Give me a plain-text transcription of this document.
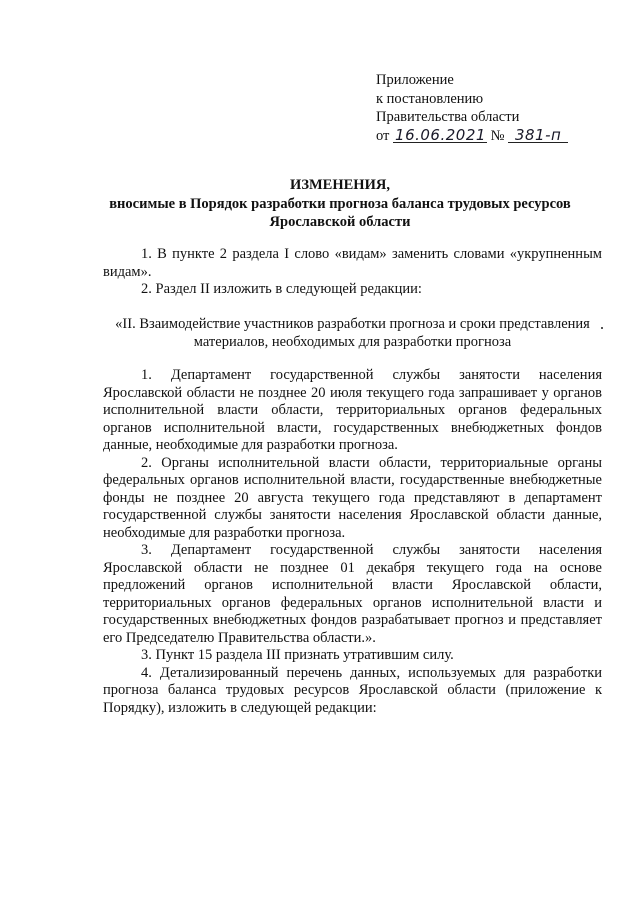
Приложение
к постановлению
Правительства области
от 16.06.2021 № 381-п
ИЗМЕНЕНИЯ,
вносимые в Порядок разработки прогноза баланса трудовых ресурсов
Ярославской области

1. В пункте 2 раздела I слово «видам» заменить словами «укрупненным видам».

2. Раздел II изложить в следующей редакции:

«II. Взаимодействие участников разработки прогноза и сроки представления материалов, необходимых для разработки прогноза

1. Департамент государственной службы занятости населения Ярославской области не позднее 20 июля текущего года запрашивает у органов исполнительной власти области, территориальных органов федеральных органов исполнительной власти, государственных внебюджетных фондов данные, необходимые для разработки прогноза.

2. Органы исполнительной власти области, территориальные органы федеральных органов исполнительной власти, государственные внебюджетные фонды не позднее 20 августа текущего года представляют в департамент государственной службы занятости населения Ярославской области данные, необходимые для разработки прогноза.

3. Департамент государственной службы занятости населения Ярославской области не позднее 01 декабря текущего года на основе предложений органов исполнительной власти Ярославской области, территориальных органов федеральных органов исполнительной власти и государственных внебюджетных фондов разрабатывает прогноз и представляет его Председателю Правительства области.».

3. Пункт 15 раздела III признать утратившим силу.

4. Детализированный перечень данных, используемых для разработки прогноза баланса трудовых ресурсов Ярославской области (приложение к Порядку), изложить в следующей редакции:
